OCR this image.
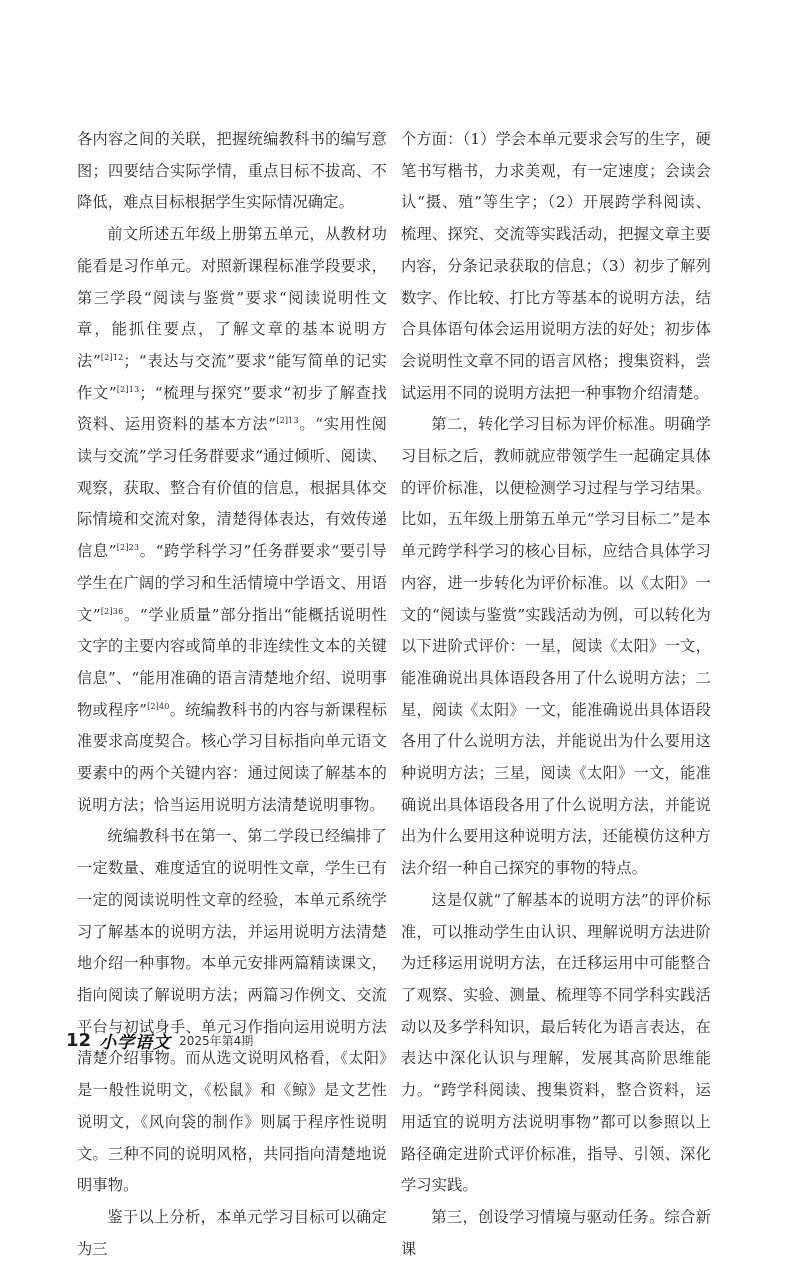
各内容之间的关联，把握统编教科书的编写意图；四要结合实际学情，重点目标不拔高、不降低，难点目标根据学生实际情况确定。

前文所述五年级上册第五单元，从教材功能看是习作单元。对照新课程标准学段要求，第三学段“阅读与鉴赏”要求“阅读说明性文章，能抓住要点，了解文章的基本说明方法”$^{[2]12}$；“表达与交流”要求“能写简单的记实作文”$^{[2]13}$；“梳理与探究”要求“初步了解查找资料、运用资料的基本方法”$^{[2]13}$。“实用性阅读与交流”学习任务群要求“通过倾听、阅读、观察，获取、整合有价值的信息，根据具体交际情境和交流对象，清楚得体表达，有效传递信息”$^{[2]23}$。“跨学科学习”任务群要求“要引导学生在广阔的学习和生活情境中学语文、用语文”$^{[2]36}$。“学业质量”部分指出“能概括说明性文字的主要内容或简单的非连续性文本的关键信息”、“能用准确的语言清楚地介绍、说明事物或程序”$^{[2]40}$。统编教科书的内容与新课程标准要求高度契合。核心学习目标指向单元语文要素中的两个关键内容：通过阅读了解基本的说明方法；恰当运用说明方法清楚说明事物。

统编教科书在第一、第二学段已经编排了一定数量、难度适宜的说明性文章，学生已有一定的阅读说明性文章的经验，本单元系统学习了解基本的说明方法，并运用说明方法清楚地介绍一种事物。本单元安排两篇精读课文，指向阅读了解说明方法；两篇习作例文、交流平台与初试身手、单元习作指向运用说明方法清楚介绍事物。而从选文说明风格看，《太阳》是一般性说明文，《松鼠》和《鲸》是文艺性说明文，《风向袋的制作》则属于程序性说明文。三种不同的说明风格，共同指向清楚地说明事物。

鉴于以上分析，本单元学习目标可以确定为三

个方面：（1）学会本单元要求会写的生字，硬笔书写楷书，力求美观，有一定速度；会读会认“摄、殖”等生字；（2）开展跨学科阅读、梳理、探究、交流等实践活动，把握文章主要内容，分条记录获取的信息；（3）初步了解列数字、作比较、打比方等基本的说明方法，结合具体语句体会运用说明方法的好处；初步体会说明性文章不同的语言风格；搜集资料，尝试运用不同的说明方法把一种事物介绍清楚。

第二，转化学习目标为评价标准。明确学习目标之后，教师就应带领学生一起确定具体的评价标准，以便检测学习过程与学习结果。比如，五年级上册第五单元“学习目标二”是本单元跨学科学习的核心目标，应结合具体学习内容，进一步转化为评价标准。以《太阳》一文的“阅读与鉴赏”实践活动为例，可以转化为以下进阶式评价：一星，阅读《太阳》一文，能准确说出具体语段各用了什么说明方法；二星，阅读《太阳》一文，能准确说出具体语段各用了什么说明方法，并能说出为什么要用这种说明方法；三星，阅读《太阳》一文，能准确说出具体语段各用了什么说明方法，并能说出为什么要用这种说明方法，还能模仿这种方法介绍一种自己探究的事物的特点。

这是仅就“了解基本的说明方法”的评价标准，可以推动学生由认识、理解说明方法进阶为迁移运用说明方法，在迁移运用中可能整合了观察、实验、测量、梳理等不同学科实践活动以及多学科知识，最后转化为语言表达，在表达中深化认识与理解，发展其高阶思维能力。“跨学科阅读、搜集资料，整合资料，运用适宜的说明方法说明事物”都可以参照以上路径确定进阶式评价标准，指导、引领、深化学习实践。

第三，创设学习情境与驱动任务。综合新课

12 小学语文 2025年第4期
